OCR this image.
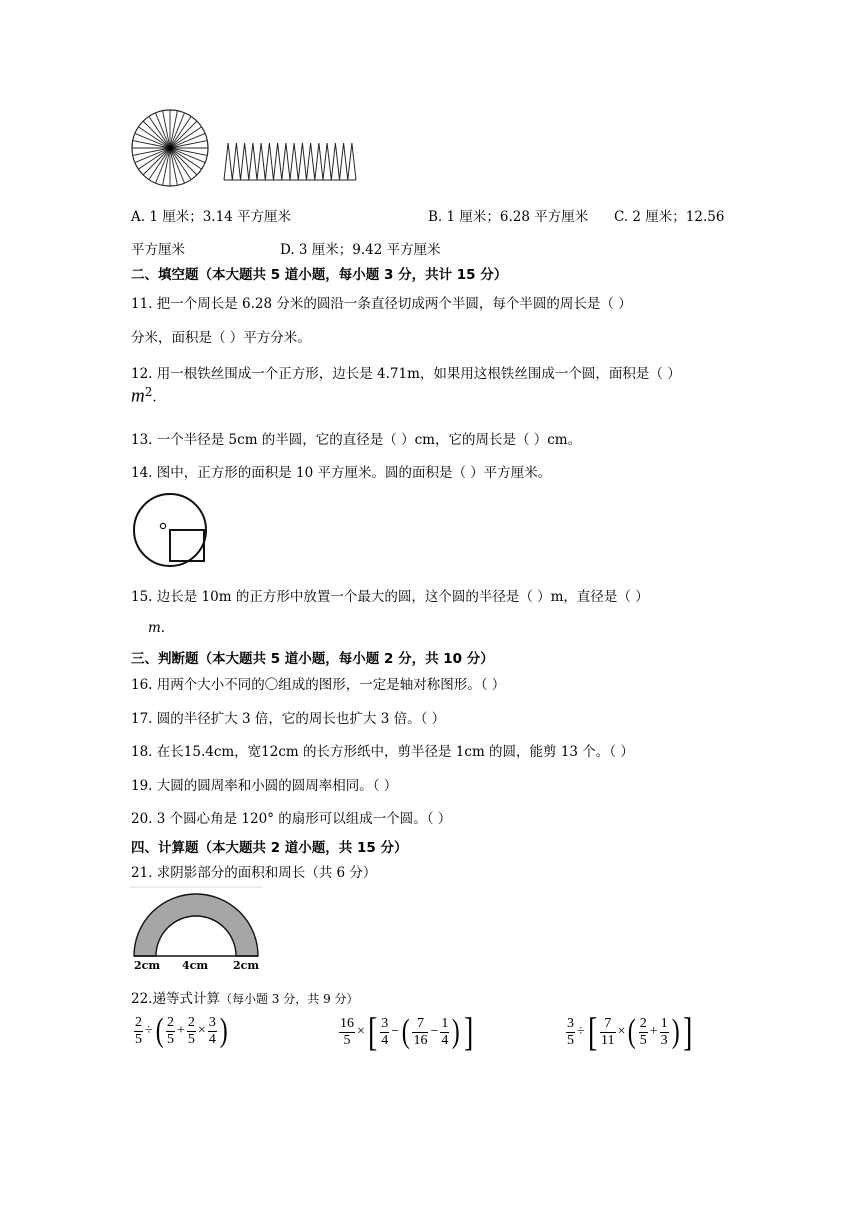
A. 1 厘米；3.14 平方厘米	B. 1 厘米；6.28 平方厘米 C. 2 厘米；12.56
平方厘米	D. 3 厘米；9.42 平方厘米
二、填空题（本大题共 5 道小题，每小题 3 分，共计 15 分）
11. 把一个周长是 6.28 分米的圆沿一条直径切成两个半圆，每个半圆的周长是（ ）
分米，面积是（ ）平方分米。
12. 用一根铁丝围成一个正方形，边长是 4.71m，如果用这根铁丝围成一个圆，面积是（ ）
$m^2$.
13. 一个半径是 5cm 的半圆，它的直径是（ ）cm，它的周长是（ ）cm。
14. 图中，正方形的面积是 10 平方厘米。圆的面积是（ ）平方厘米。
15. 边长是 10m 的正方形中放置一个最大的圆，这个圆的半径是（ ）m，直径是（ ）
m.
三、判断题（本大题共 5 道小题，每小题 2 分，共 10 分）
16. 用两个大小不同的〇组成的图形，一定是轴对称图形。（ ）
17. 圆的半径扩大 3 倍，它的周长也扩大 3 倍。（ ）
18. 在长15.4cm，宽12cm 的长方形纸中，剪半径是 1cm 的圆，能剪 13 个。（ ）
19. 大圆的圆周率和小圆的圆周率相同。（ ）
20. 3 个圆心角是 120° 的扇形可以组成一个圆。（ ）
四、计算题（本大题共 2 道小题，共 15 分）
21. 求阴影部分的面积和周长（共 6 分）
2cm 4cm 2cm
22.递等式计算（每小题 3 分，共 9 分）
$\frac{2}{5}$ ÷ ( $\frac{2}{5} + \frac{2}{5} \times \frac{3}{4}$ )	$\frac{16}{5}$ × [ $\frac{3}{4}$ − ( $\frac{7}{16} - \frac{1}{4}$ ) ]	$\frac{3}{5}$ ÷ [ $\frac{7}{11}$ × ( $\frac{2}{5} + \frac{1}{3}$ ) ]
